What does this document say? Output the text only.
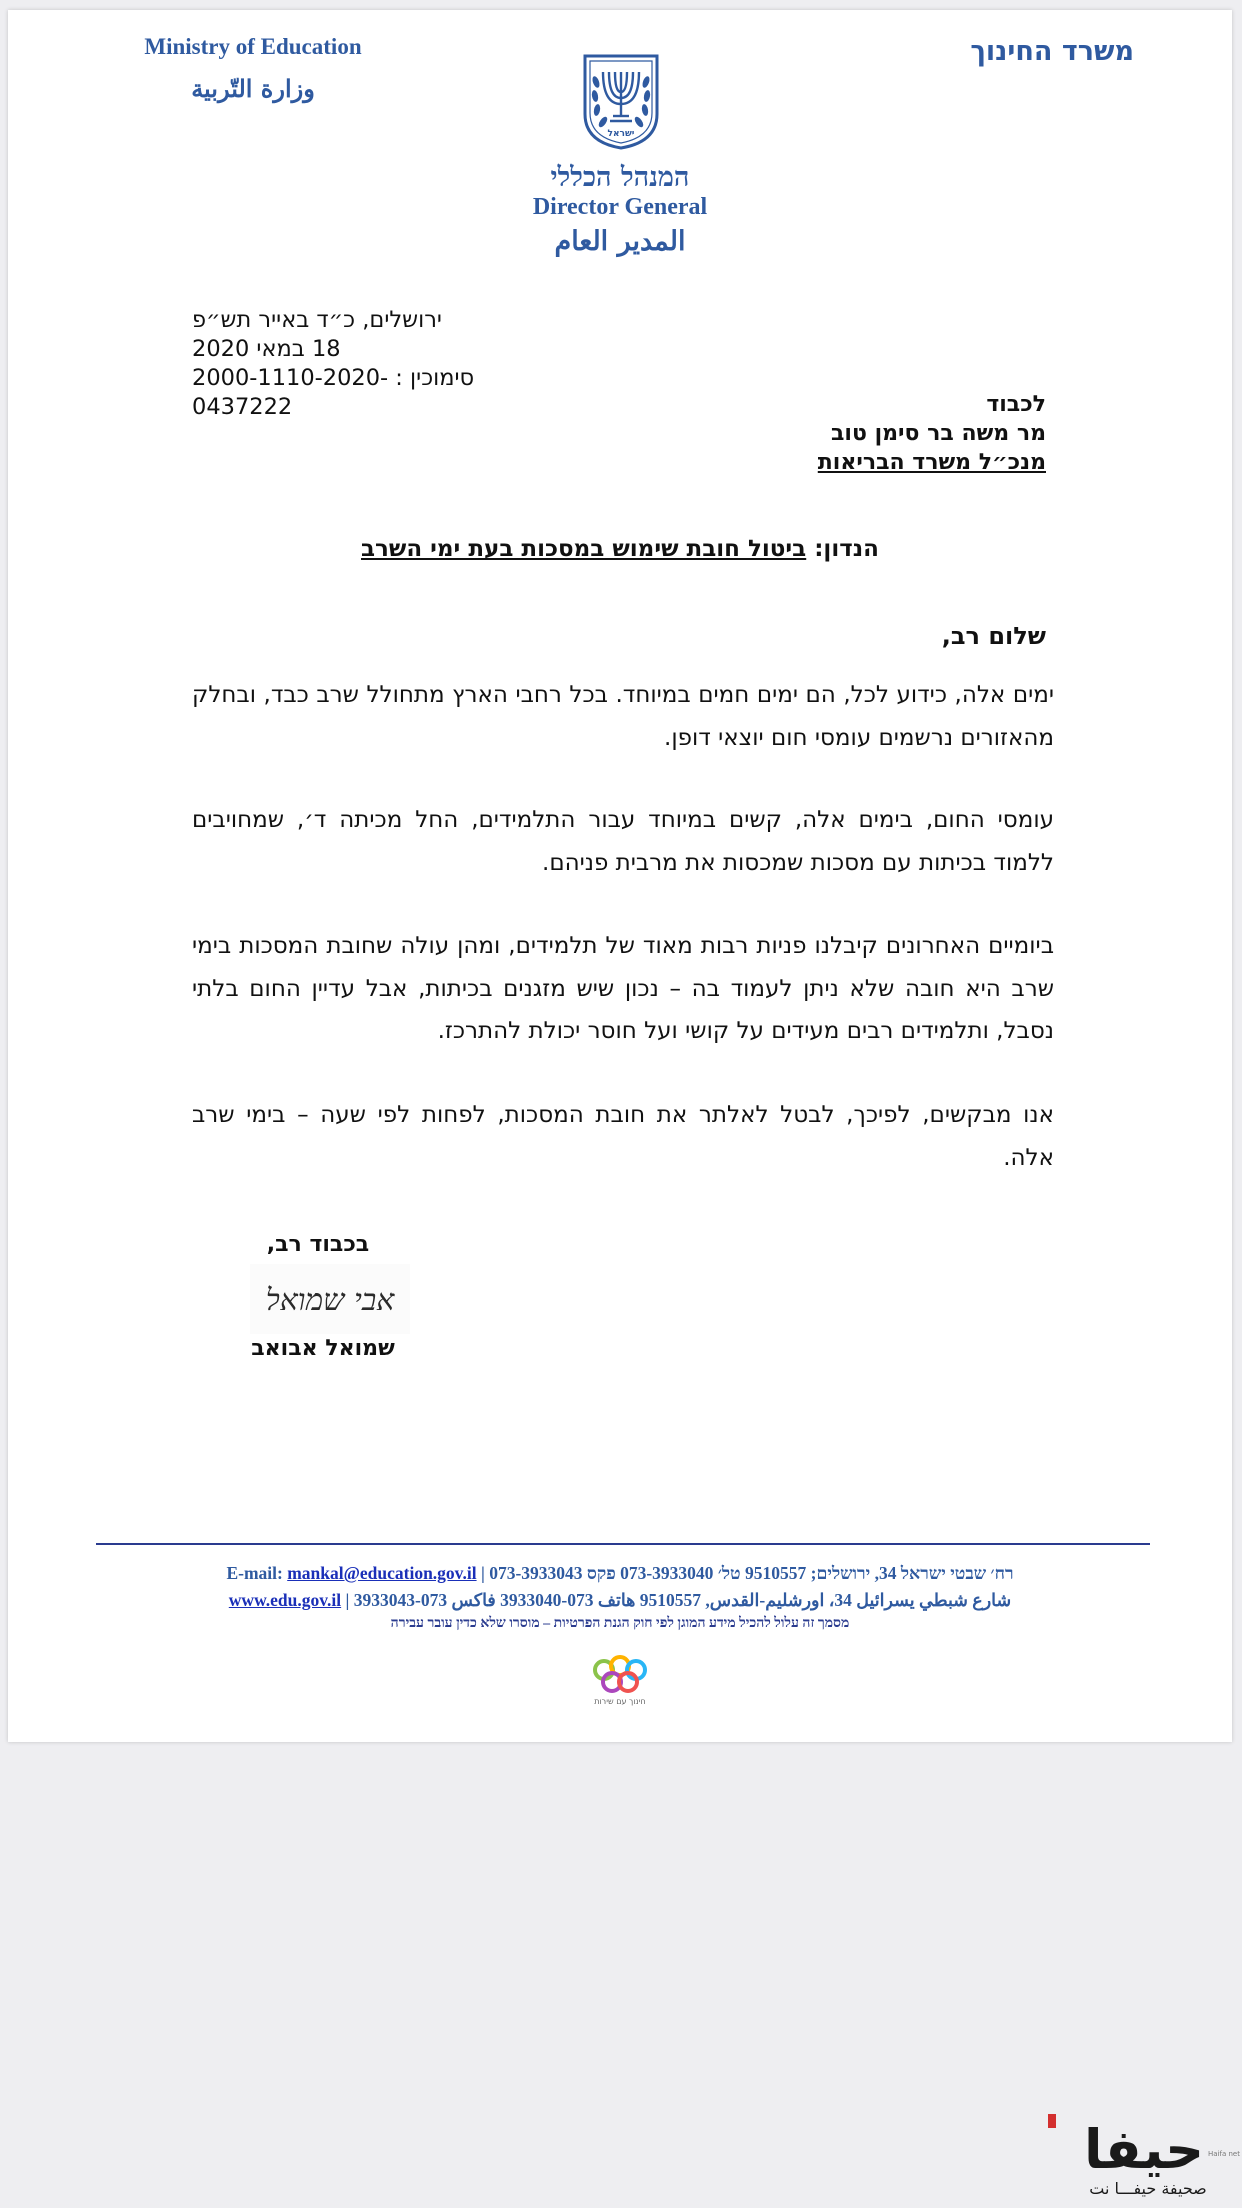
משרד החינוך
Ministry of Education
وزارة التّربية
ישראל
המנהל הכללי
Director General
المدير العام
ירושלים, כ״ד באייר תש״פ
18 במאי 2020
סימוכין : 2000-1110-2020-0437222	לכבוד
מר משה בר סימן טוב
מנכ״ל משרד הבריאות
הנדון: ביטול חובת שימוש במסכות בעת ימי השרב
שלום רב,
ימים אלה, כידוע לכל, הם ימים חמים במיוחד. בכל רחבי הארץ מתחולל שרב כבד, ובחלק מהאזורים נרשמים עומסי חום יוצאי דופן.
עומסי החום, בימים אלה, קשים במיוחד עבור התלמידים, החל מכיתה ד׳, שמחויבים ללמוד בכיתות עם מסכות שמכסות את מרבית פניהם.
ביומיים האחרונים קיבלנו פניות רבות מאוד של תלמידים, ומהן עולה שחובת המסכות בימי שרב היא חובה שלא ניתן לעמוד בה – נכון שיש מזגנים בכיתות, אבל עדיין החום בלתי נסבל, ותלמידים רבים מעידים על קושי ועל חוסר יכולת להתרכז.
אנו מבקשים, לפיכך, לבטל לאלתר את חובת המסכות, לפחות לפי שעה – בימי שרב אלה.
בכבוד רב,
אבי שמואל
שמואל אבואב
E-mail: mankal@education.gov.il רח׳ שבטי ישראל 34, ירושלים; 9510557 טל׳ 073-3933040 פקס 073-3933043 |
www.edu.gov.il شارع شبطي يسرائيل 34، اورشليم-القدس, 9510557 هاتف 073-3933040 فاكس 073-3933043 |
מסמך זה עלול להכיל מידע המוגן לפי חוק הגנת הפרטיות – מוסרו שלא כדין עובר עבירה
חינוך עם שירות
حيفا Haifa net
صحيفة حيفـــا نت
